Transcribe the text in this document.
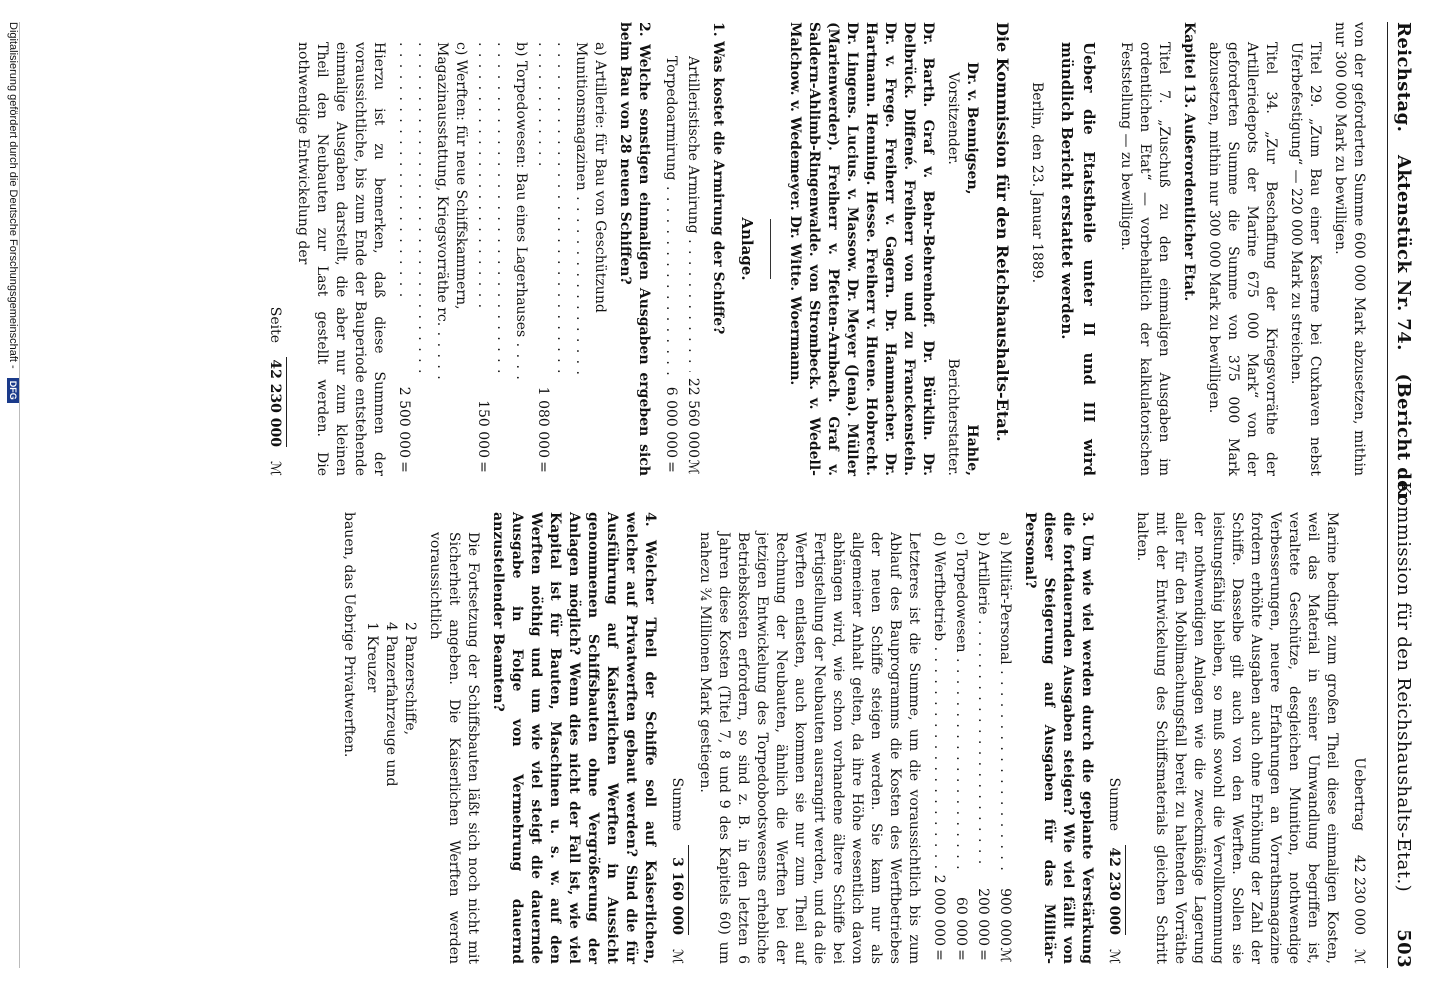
Reichstag. Aktenstück Nr. 74. (Bericht der
Kommission für den Reichshaushalts-Etat.)
503

von der geforderten Summe 600 000 Mark abzusetzen, mithin nur 300 000 Mark zu bewilligen.

Titel 29. „Zum Bau einer Kaserne bei Cuxhaven nebst Uferbefestigung“ — 220 000 Mark zu streichen.

Titel 34. „Zur Beschaffung der Kriegsvorräthe der Artilleriedepots der Marine 675 000 Mark“ von der geforderten Summe die Summe von 375 000 Mark abzusetzen, mithin nur 300 000 Mark zu bewilligen.

Kapitel 13. Außerordentlicher Etat.

Titel 7. „Zuschuß zu den einmaligen Ausgaben im ordentlichen Etat“ — vorbehaltlich der kalkulatorischen Feststellung — zu bewilligen.

Ueber die Etatstheile unter II und III wird mündlich Bericht erstattet werden.

Berlin, den 23. Januar 1889.

Die Kommission für den Reichshaushalts-Etat.

Dr. v. Bennigsen,
Vorsitzender.
Hahle,
Berichterstatter.

Dr. Barth. Graf v. Behr-Behrenhoff. Dr. Bürklin. Dr. Delbrück. Diffené. Freiherr von und zu Franckenstein. Dr. v. Frege. Freiherr v. Gagern. Dr. Hammacher. Dr. Hartmann. Henning. Hesse. Freiherr v. Huene. Hobrecht. Dr. Lingens. Lucius. v. Massow. Dr. Meyer (Jena). Müller (Marienwerder). Freiherr v. Pfetten-Arnbach. Graf v. Saldern-Ahlimb-Ringenwalde. von Strombeck. v. Wedell-Malchow. v. Wedemeyer. Dr. Witte. Woermann.

Anlage.

1. Was kostet die Armirung der Schiffe?

Artilleristische Armirung . . .
22 560 000
ℳ
Torpedoarmirung . . .
6 000 000
=

2. Welche sonstigen einmaligen Ausgaben ergeben sich beim Bau von 28 neuen Schiffen?

a) Artillerie: für Bau von Geschützund Munitionsmagazinen . . .
1 080 000
=
b) Torpedowesen: Bau eines Lagerhauses . . .
150 000
=
c) Werften: für neue Schiffskammern, Magazinausstattung, Kriegsvorräthe rc. . . .
2 500 000
=

Hierzu ist zu bemerken, daß diese Summen der voraussichtliche, bis zum Ende der Bauperiode entstehende einmalige Ausgaben darstellt, die aber nur zum kleinen Theil den Neubauten zur Last gestellt werden. Die nothwendige Entwickelung der

Seite
42 230 000
ℳ
Uebertrag
42 230 000
ℳ

Marine bedingt zum großen Theil diese einmaligen Kosten, weil das Material in seiner Umwandlung begriffen ist, veraltete Geschütze, desgleichen Munition, nothwendige Verbesserungen, neuere Erfahrungen an Vorrathsmagazine fordern erhöhte Ausgaben auch ohne Erhöhung der Zahl der Schiffe. Dasselbe gilt auch von den Werften. Sollen sie leistungsfähig bleiben, so muß sowohl die Vervollkommnung der nothwendigen Anlagen wie die zweckmäßige Lagerung aller für den Mobilmachungsfall bereit zu haltenden Vorräthe mit der Entwickelung des Schiffsmaterials gleichen Schritt halten.

Summe
42 230 000
ℳ

3. Um wie viel werden durch die geplante Verstärkung die fortdauernden Ausgaben steigen? Wie viel fällt von dieser Steigerung auf Ausgaben für das Militär-Personal?

a) Militär-Personal . . .
900 000
ℳ
b) Artillerie . . .
200 000
=
c) Torpedowesen . . .
60 000
=
d) Werftbetrieb . . .
2 000 000
=

Letzteres ist die Summe, um die voraussichtlich bis zum Ablauf des Bauprogramms die Kosten des Werftbetriebes der neuen Schiffe steigen werden. Sie kann nur als allgemeiner Anhalt gelten, da ihre Höhe wesentlich davon abhängen wird, wie schon vorhandene ältere Schiffe bei Fertigstellung der Neubauten ausrangirt werden, und da die Werften entlasten, auch kommen sie nur zum Theil auf Rechnung der Neubauten, ähnlich die Werften bei der jetzigen Entwickelung des Torpedobootswesens erhebliche Betriebskosten erfordern, so sind z. B. in den letzten 6 Jahren diese Kosten (Titel 7, 8 und 9 des Kapitels 60) um nahezu ¾ Millionen Mark gestiegen.

Summe
3 160 000
ℳ

4. Welcher Theil der Schiffe soll auf Kaiserlichen, welcher auf Privatwerften gebaut werden? Sind die für Ausführung auf Kaiserlichen Werften in Aussicht genommenen Schiffsbauten ohne Vergrößerung der Anlagen möglich? Wenn dies nicht der Fall ist, wie viel Kapital ist für Bauten, Maschinen u. s. w. auf den Werften nöthig und um wie viel steigt die dauernde Ausgabe in Folge von Vermehrung dauernd anzustellender Beamten?

Die Fortsetzung der Schiffsbauten läßt sich noch nicht mit Sicherheit angeben. Die Kaiserlichen Werften werden voraussichtlich

2 Panzerschiffe,
4 Panzerfahrzeuge und
1 Kreuzer

bauen, das Uebrige Privatwerften.

Digitalisierung gefördert durch die Deutsche Forschungsgemeinschaft - DFG
